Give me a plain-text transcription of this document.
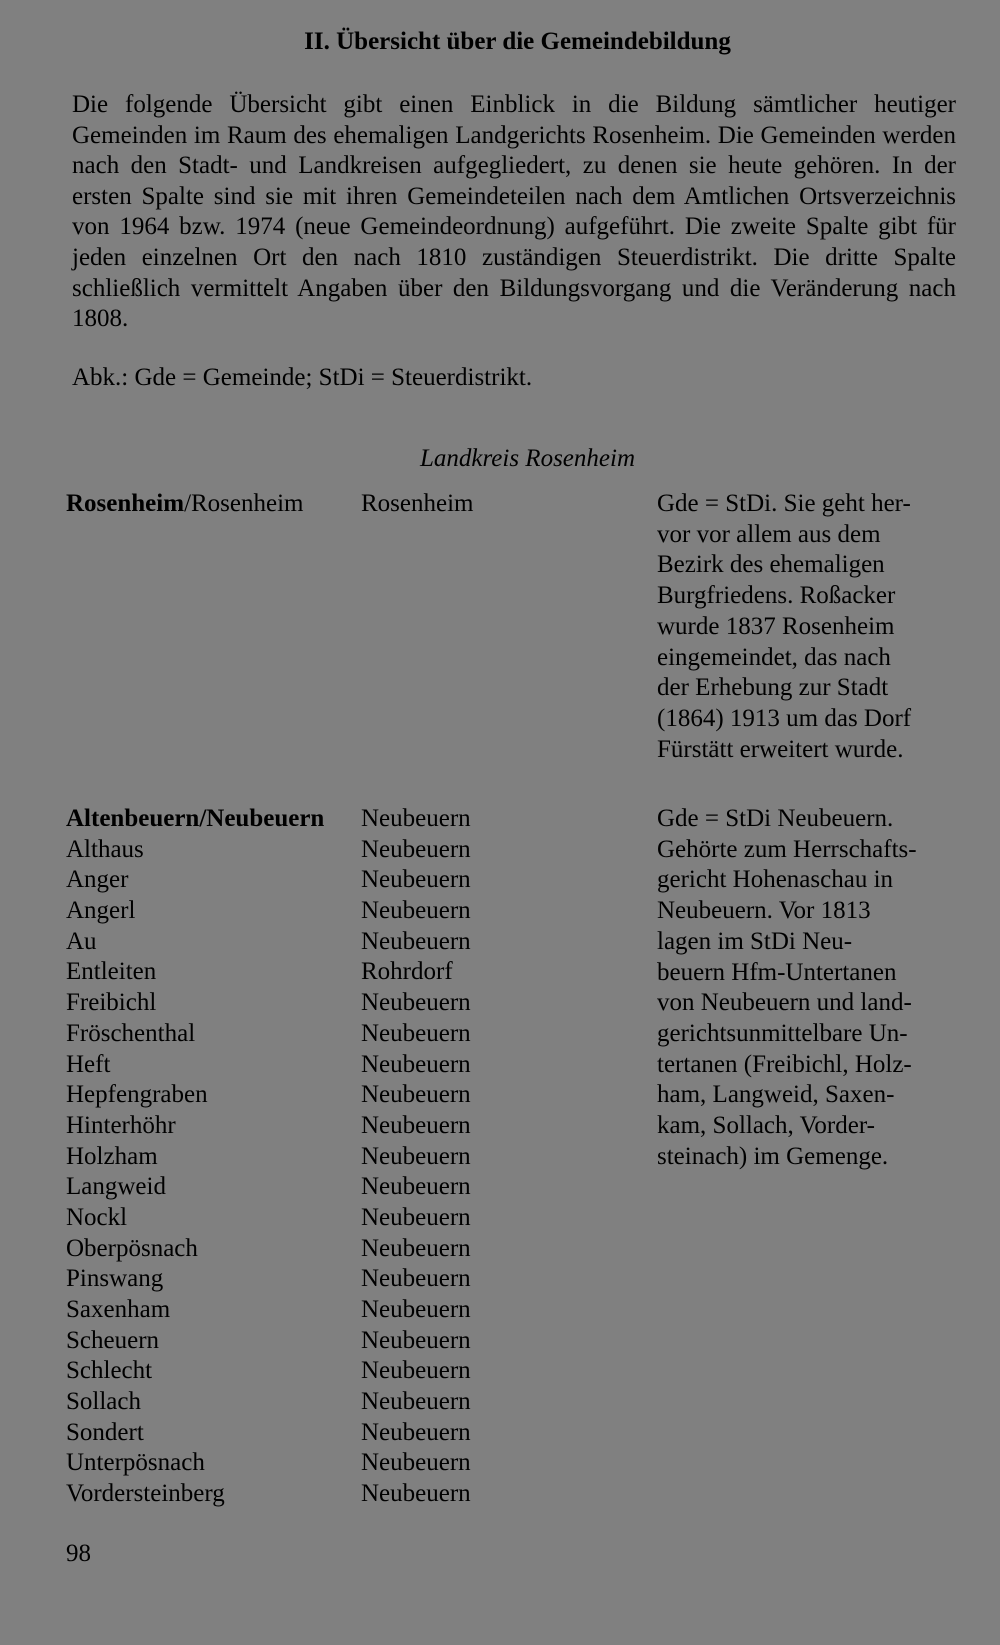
II. Übersicht über die Gemeindebildung

Die folgende Übersicht gibt einen Einblick in die Bildung sämtlicher heutiger Gemeinden im Raum des ehemaligen Landgerichts Rosenheim. Die Gemeinden werden nach den Stadt- und Landkreisen aufgegliedert, zu denen sie heute gehören. In der ersten Spalte sind sie mit ihren Gemeindeteilen nach dem Amtlichen Ortsverzeichnis von 1964 bzw. 1974 (neue Gemeindeordnung) aufgeführt. Die zweite Spalte gibt für jeden einzelnen Ort den nach 1810 zuständigen Steuerdistrikt. Die dritte Spalte schließlich vermittelt Angaben über den Bildungsvorgang und die Veränderung nach 1808.

Abk.: Gde = Gemeinde; StDi = Steuerdistrikt.
Landkreis Rosenheim
Rosenheim/Rosenheim	Rosenheim	Gde = StDi. Sie geht her-
vor vor allem aus dem
Bezirk des ehemaligen
Burgfriedens. Roßacker
wurde 1837 Rosenheim
eingemeindet, das nach
der Erhebung zur Stadt
(1864) 1913 um das Dorf
Fürstätt erweitert wurde.
Altenbeuern/Neubeuern
Althaus
Anger
Angerl
Au
Entleiten
Freibichl
Fröschenthal
Heft
Hepfengraben
Hinterhöhr
Holzham
Langweid
Nockl
Oberpösnach
Pinswang
Saxenham
Scheuern
Schlecht
Sollach
Sondert
Unterpösnach
Vordersteinberg
Neubeuern
Neubeuern
Neubeuern
Neubeuern
Neubeuern
Rohrdorf
Neubeuern
Neubeuern
Neubeuern
Neubeuern
Neubeuern
Neubeuern
Neubeuern
Neubeuern
Neubeuern
Neubeuern
Neubeuern
Neubeuern
Neubeuern
Neubeuern
Neubeuern
Neubeuern
Neubeuern
Gde = StDi Neubeuern.
Gehörte zum Herrschafts-
gericht Hohenaschau in
Neubeuern. Vor 1813
lagen im StDi Neu-
beuern Hfm-Untertanen
von Neubeuern und land-
gerichtsunmittelbare Un-
tertanen (Freibichl, Holz-
ham, Langweid, Saxen-
kam, Sollach, Vorder-
steinach) im Gemenge.
98
